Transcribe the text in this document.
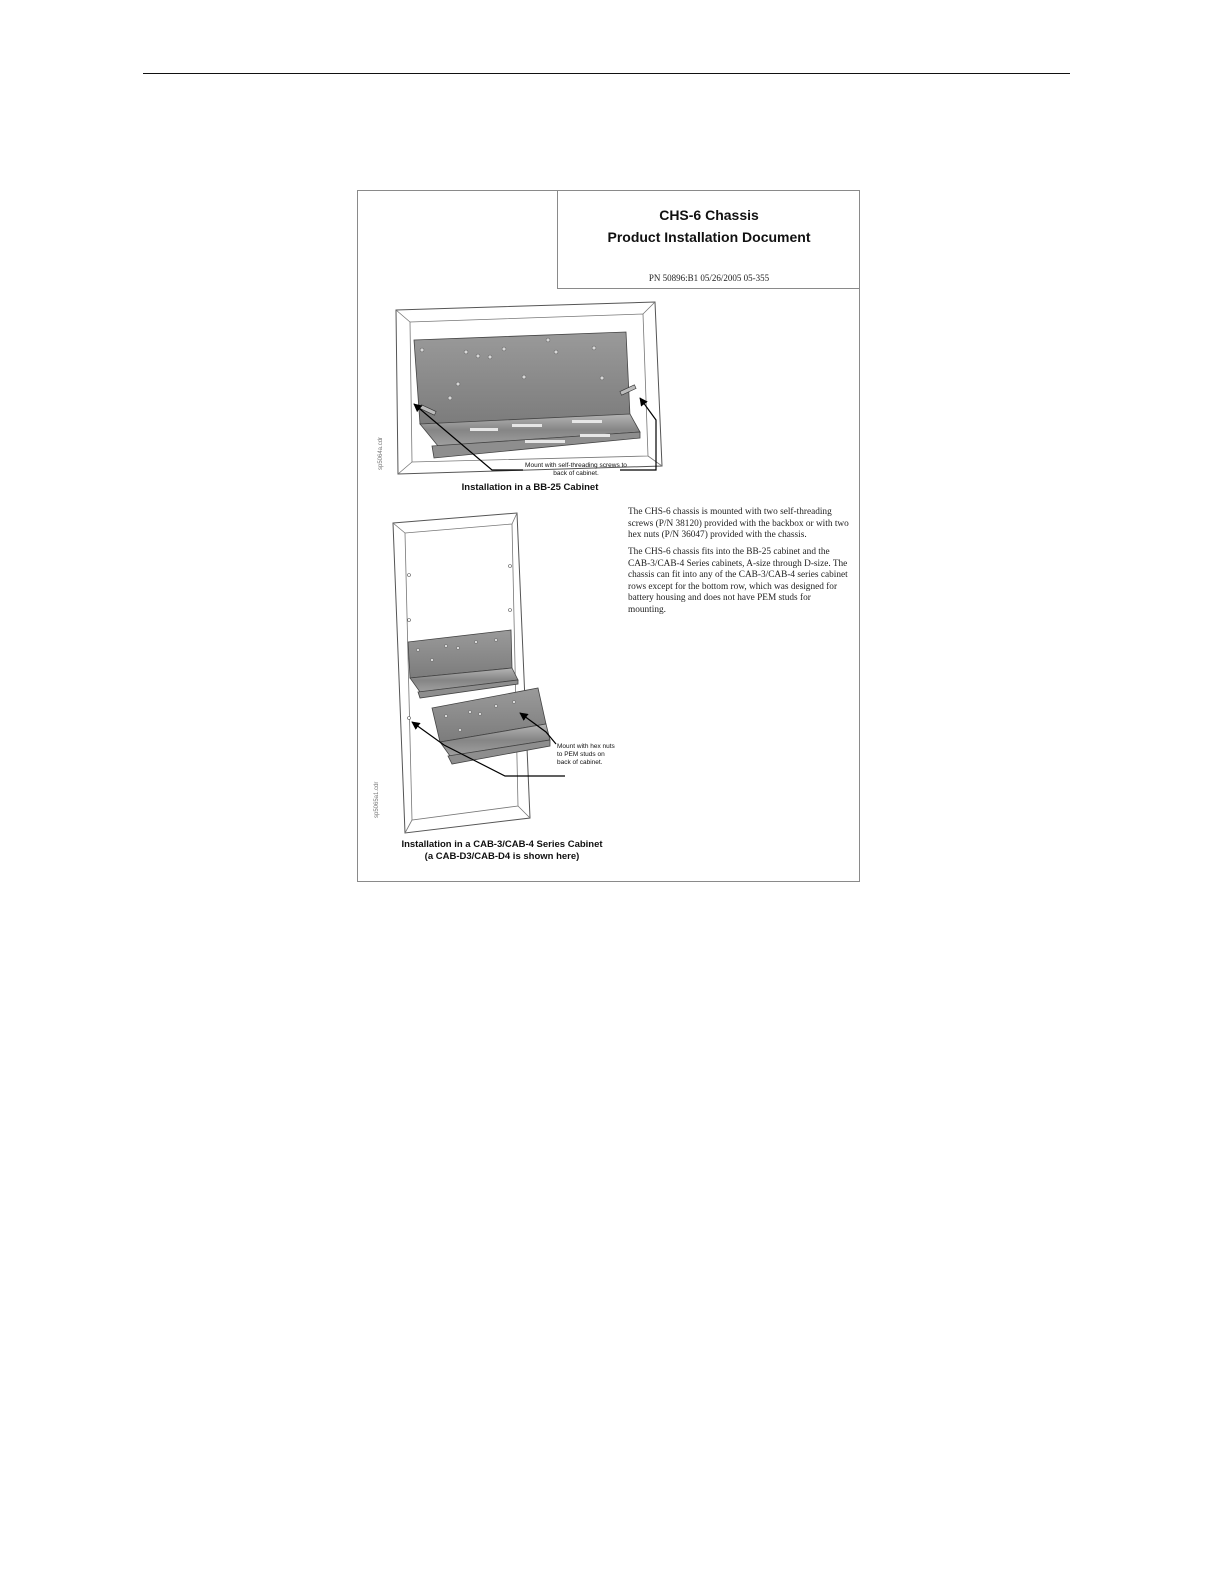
CHS-6 Chassis
Product Installation Document
PN 50896:B1 05/26/2005 05-355
sp5064a.cdr	Mount with self-threading screws to back of cabinet.
Installation in a BB-25 Cabinet
sp5065a1.cdr
Mount with hex nuts to PEM studs on back of cabinet.
Installation in a CAB-3/CAB-4 Series Cabinet
(a CAB-D3/CAB-D4 is shown here)
The CHS-6 chassis is mounted with two self-threading screws (P/N 38120) provided with the backbox or with two hex nuts (P/N 36047) provided with the chassis.
The CHS-6 chassis fits into the BB-25 cabinet and the CAB-3/CAB-4 Series cabinets, A-size through D-size. The chassis can fit into any of the CAB-3/CAB-4 series cabinet rows except for the bottom row, which was designed for battery housing and does not have PEM studs for mounting.
